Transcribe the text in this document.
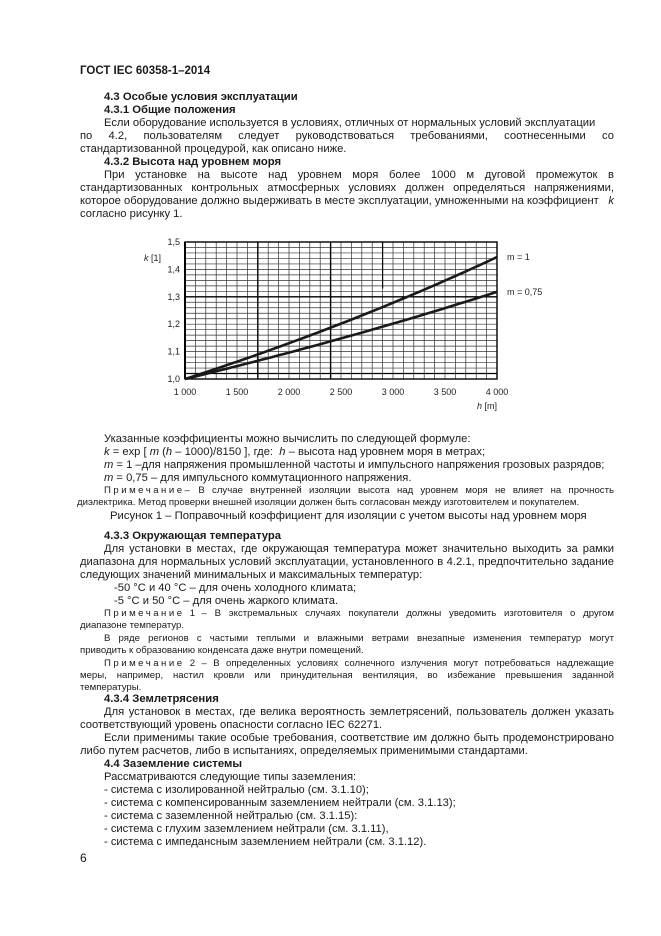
ГОСТ IEC 60358-1–2014
4.3 Особые условия эксплуатации
4.3.1 Общие положения
Если оборудование используется в условиях, отличных от нормальных условий эксплуатации
по 4.2, пользователям следует руководствоваться требованиями, соотнесенными со
стандартизованной процедурой, как описано ниже.
4.3.2 Высота над уровнем моря
При установке на высоте над уровнем моря более 1000 м дуговой промежуток в
стандартизованных контрольных атмосферных условиях должен определяться напряжениями,
которое оборудование должно выдерживать в месте эксплуатации, умноженными на коэффициент k
согласно рисунку 1.
1,0
1,1
1,2
1,3
1,4
1,5
1 000	1 500	2 000	2 500	3 000	3 500	4 000
k [1]
h [m]
m = 1
m = 0,75
Указанные коэффициенты можно вычислить по следующей формуле:
k = exp [ m (h – 1000)/8150 ], где:  h – высота над уровнем моря в метрах;
m = 1 –для напряжения промышленной частоты и импульсного напряжения грозовых разрядов;
m = 0,75 – для импульсного коммутационного напряжения.
Примечание– В случае внутренней изоляции высота над уровнем моря не влияет на прочность
диэлектрика. Метод проверки внешней изоляции должен быть согласован между изготовителем и покупателем.
Рисунок 1 – Поправочный коэффициент для изоляции с учетом высоты над уровнем моря
4.3.3 Окружающая температура
Для установки в местах, где окружающая температура может значительно выходить за рамки
диапазона для нормальных условий эксплуатации, установленного в 4.2.1, предпочтительно задание
следующих значений минимальных и максимальных температур:
-50 °C и 40 °C – для очень холодного климата;
-5 °C и 50 °C – для очень жаркого климата.
Примечание 1 – В экстремальных случаях покупатели должны уведомить изготовителя о другом
диапазоне температур.
В ряде регионов с частыми теплыми и влажными ветрами внезапные изменения температур могут
приводить к образованию конденсата даже внутри помещений.
Примечание 2 – В определенных условиях солнечного излучения могут потребоваться надлежащие
меры, например, настил кровли или принудительная вентиляция, во избежание превышения заданной
температуры.
4.3.4 Землетрясения
Для установок в местах, где велика вероятность землетрясений, пользователь должен указать
соответствующий уровень опасности согласно IEC 62271.
Если применимы такие особые требования, соответствие им должно быть продемонстрировано
либо путем расчетов, либо в испытаниях, определяемых применимыми стандартами.
4.4 Заземление системы
Рассматриваются следующие типы заземления:
- система с изолированной нейтралью (см. 3.1.10);
- система с компенсированным заземлением нейтрали (см. 3.1.13);
- система с заземленной нейтралью (см. 3.1.15):
- система с глухим заземлением нейтрали (см. 3.1.11),
- система с импедансным заземлением нейтрали (см. 3.1.12).
6
